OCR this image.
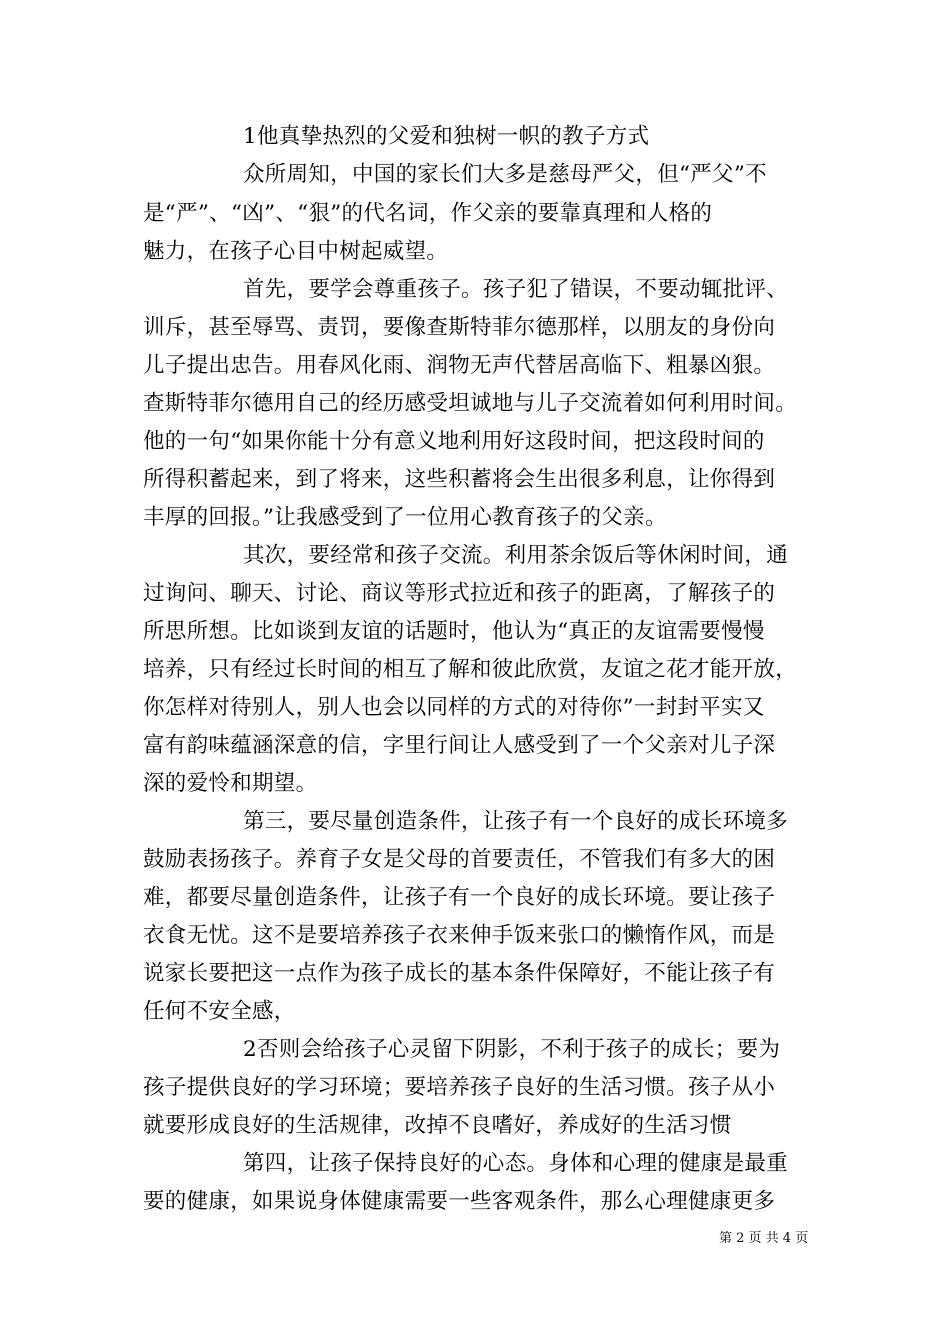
1他真挚热烈的父爱和独树一帜的教子方式
众所周知，中国的家长们大多是慈母严父，但“严父”不
是“严”、“凶”、“狠”的代名词，作父亲的要靠真理和人格的
魅力，在孩子心目中树起威望。
首先，要学会尊重孩子。孩子犯了错误，不要动辄批评、
训斥，甚至辱骂、责罚，要像查斯特菲尔德那样，以朋友的身份向
儿子提出忠告。用春风化雨、润物无声代替居高临下、粗暴凶狠。
查斯特菲尔德用自己的经历感受坦诚地与儿子交流着如何利用时间。
他的一句“如果你能十分有意义地利用好这段时间，把这段时间的
所得积蓄起来，到了将来，这些积蓄将会生出很多利息，让你得到
丰厚的回报。”让我感受到了一位用心教育孩子的父亲。
其次，要经常和孩子交流。利用茶余饭后等休闲时间，通
过询问、聊天、讨论、商议等形式拉近和孩子的距离，了解孩子的
所思所想。比如谈到友谊的话题时，他认为“真正的友谊需要慢慢
培养，只有经过长时间的相互了解和彼此欣赏，友谊之花才能开放，
你怎样对待别人，别人也会以同样的方式的对待你”一封封平实又
富有韵味蕴涵深意的信，字里行间让人感受到了一个父亲对儿子深
深的爱怜和期望。
第三，要尽量创造条件，让孩子有一个良好的成长环境多
鼓励表扬孩子。养育子女是父母的首要责任，不管我们有多大的困
难，都要尽量创造条件，让孩子有一个良好的成长环境。要让孩子
衣食无忧。这不是要培养孩子衣来伸手饭来张口的懒惰作风，而是
说家长要把这一点作为孩子成长的基本条件保障好，不能让孩子有
任何不安全感，
2否则会给孩子心灵留下阴影，不利于孩子的成长；要为
孩子提供良好的学习环境；要培养孩子良好的生活习惯。孩子从小
就要形成良好的生活规律，改掉不良嗜好，养成好的生活习惯
第四，让孩子保持良好的心态。身体和心理的健康是最重
要的健康，如果说身体健康需要一些客观条件，那么心理健康更多
第 2 页 共 4 页
